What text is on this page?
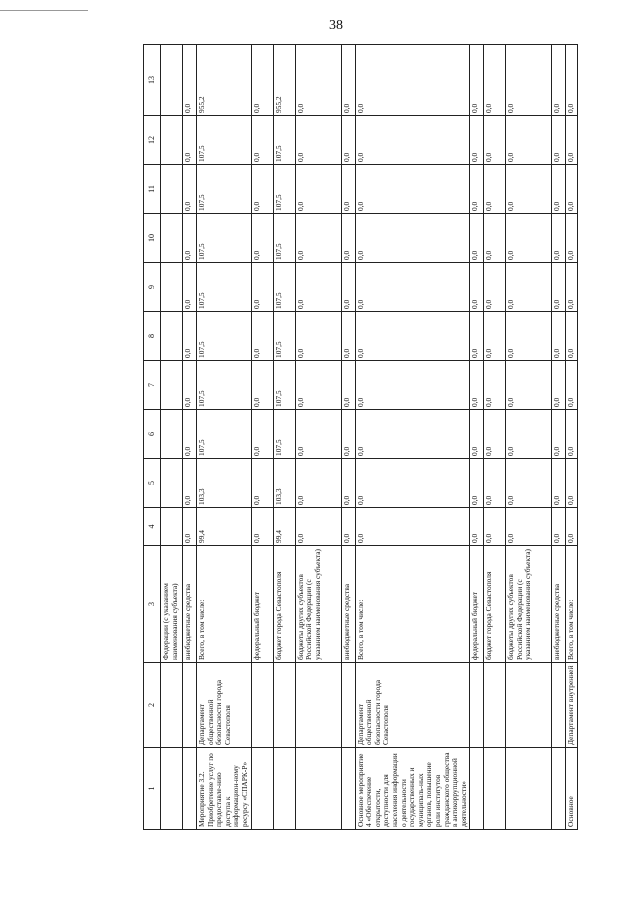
38
1	2	3	4	5	6	7	8	9	10	11	12	13
		Федерации (с указанием наименования субъекта)										
		внебюджетные средства	0,0	0,0	0,0	0,0	0,0	0,0	0,0	0,0	0,0	0,0
Мероприятие 3.2. Приобретение услуг по предоставле-нию доступа к информацион-ному ресурсу «СПАРК-Р»	Департамент общественной безопасности города Севастополя	Всего, в том числе:	99,4	103,3	107,5	107,5	107,5	107,5	107,5	107,5	107,5	955,2
		федеральный бюджет	0,0	0,0	0,0	0,0	0,0	0,0	0,0	0,0	0,0	0,0
		бюджет города Севастополя	99,4	103,3	107,5	107,5	107,5	107,5	107,5	107,5	107,5	955,2
		бюджеты других субъектов Российской Федерации (с указанием наименования субъекта)	0,0	0,0	0,0	0,0	0,0	0,0	0,0	0,0	0,0	0,0
		внебюджетные средства	0,0	0,0	0,0	0,0	0,0	0,0	0,0	0,0	0,0	0,0
Основное мероприятие 4 «Обеспечение открытости, доступности для населения информации о деятельности государственных и муниципаль-ных органов, повышение роли институтов гражданского общества в антикоррупционной деятельности»	Департамент общественной безопасности города Севастополя	Всего, в том числе:	0,0	0,0	0,0	0,0	0,0	0,0	0,0	0,0	0,0	0,0
		федеральный бюджет	0,0	0,0	0,0	0,0	0,0	0,0	0,0	0,0	0,0	0,0
		бюджет города Севастополя	0,0	0,0	0,0	0,0	0,0	0,0	0,0	0,0	0,0	0,0
		бюджеты других субъектов Российской Федерации (с указанием наименования субъекта)	0,0	0,0	0,0	0,0	0,0	0,0	0,0	0,0	0,0	0,0
		внебюджетные средства	0,0	0,0	0,0	0,0	0,0	0,0	0,0	0,0	0,0	0,0
Основное	Департамент внутренней	Всего, в том числе:	0,0	0,0	0,0	0,0	0,0	0,0	0,0	0,0	0,0	0,0
